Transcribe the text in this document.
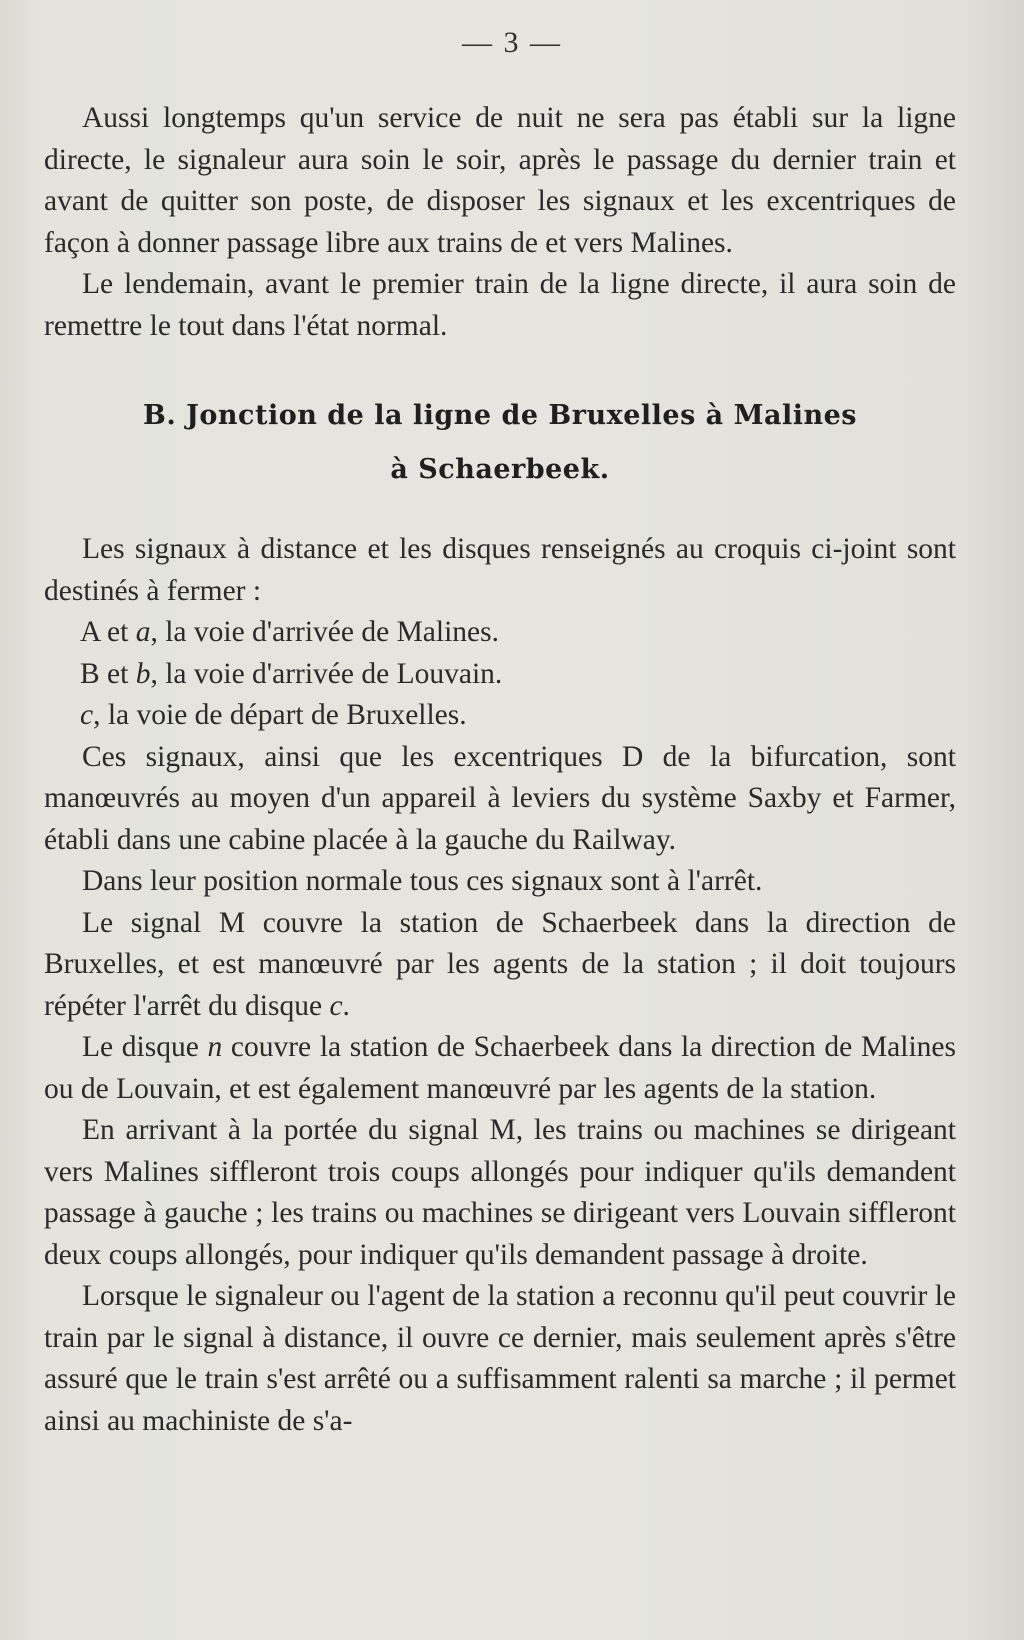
— 3 —

Aussi longtemps qu'un service de nuit ne sera pas établi sur la ligne directe, le signaleur aura soin le soir, après le passage du dernier train et avant de quitter son poste, de disposer les signaux et les excentriques de façon à donner passage libre aux trains de et vers Malines.

Le lendemain, avant le premier train de la ligne directe, il aura soin de remettre le tout dans l'état normal.

B. Jonction de la ligne de Bruxelles à Malines

à Schaerbeek.

Les signaux à distance et les disques renseignés au croquis ci-joint sont destinés à fermer :

A et a, la voie d'arrivée de Malines.

B et b, la voie d'arrivée de Louvain.

c, la voie de départ de Bruxelles.

Ces signaux, ainsi que les excentriques D de la bifurcation, sont manœuvrés au moyen d'un appareil à leviers du système Saxby et Farmer, établi dans une cabine placée à la gauche du Railway.

Dans leur position normale tous ces signaux sont à l'arrêt.

Le signal M couvre la station de Schaerbeek dans la direction de Bruxelles, et est manœuvré par les agents de la station ; il doit toujours répéter l'arrêt du disque c.

Le disque n couvre la station de Schaerbeek dans la direction de Malines ou de Louvain, et est également manœuvré par les agents de la station.

En arrivant à la portée du signal M, les trains ou machines se dirigeant vers Malines siffleront trois coups allongés pour indiquer qu'ils demandent passage à gauche ; les trains ou machines se dirigeant vers Louvain siffleront deux coups allongés, pour indiquer qu'ils demandent passage à droite.

Lorsque le signaleur ou l'agent de la station a reconnu qu'il peut couvrir le train par le signal à distance, il ouvre ce dernier, mais seulement après s'être assuré que le train s'est arrêté ou a suffisamment ralenti sa marche ; il permet ainsi au machiniste de s'a-
